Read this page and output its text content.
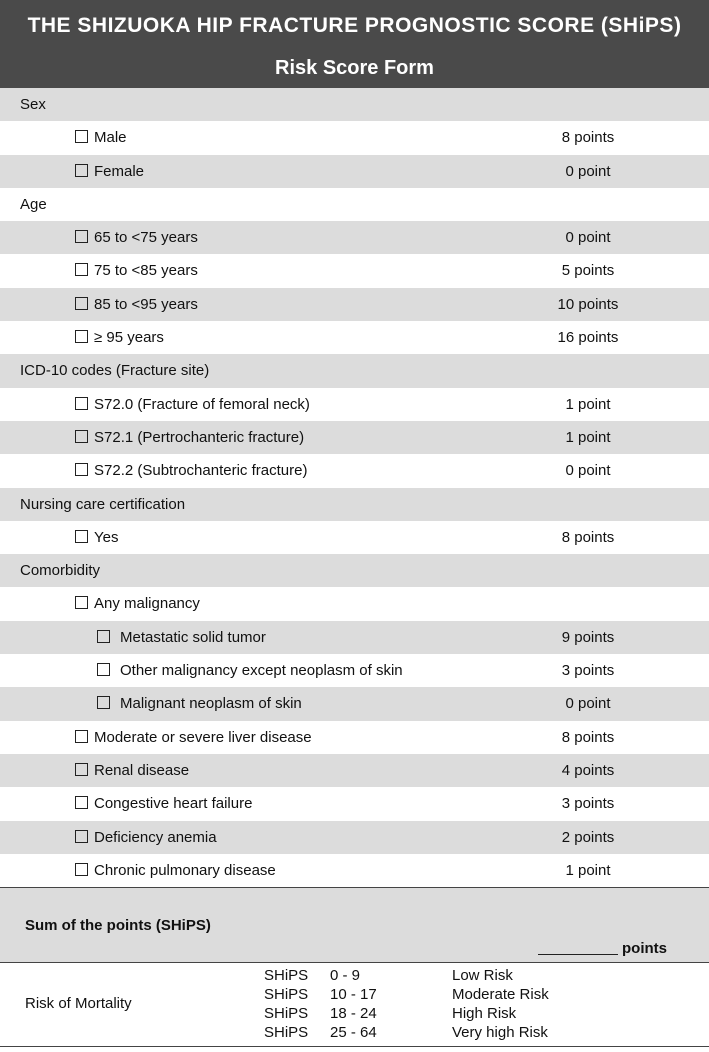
THE SHIZUOKA HIP FRACTURE PROGNOSTIC SCORE (SHiPS)
Risk Score Form
Sex
Male	8 points
Female	0 point
Age
65 to <75 years	0 point
75 to <85 years	5 points
85 to <95 years	10 points
≥ 95 years	16 points
ICD-10 codes (Fracture site)
S72.0 (Fracture of femoral neck)	1 point
S72.1 (Pertrochanteric fracture)	1 point
S72.2 (Subtrochanteric fracture)	0 point
Nursing care certification
Yes	8 points
Comorbidity
Any malignancy
Metastatic solid tumor	9 points
Other malignancy except neoplasm of skin	3 points
Malignant neoplasm of skin	0 point
Moderate or severe liver disease	8 points
Renal disease	4 points
Congestive heart failure	3 points
Deficiency anemia	2 points
Chronic pulmonary disease	1 point
Sum of the points (SHiPS)
points
Risk of Mortality
SHiPS 0 - 9	Low Risk
SHiPS 10 - 17	Moderate Risk
SHiPS 18 - 24	High Risk
SHiPS 25 - 64	Very high Risk
